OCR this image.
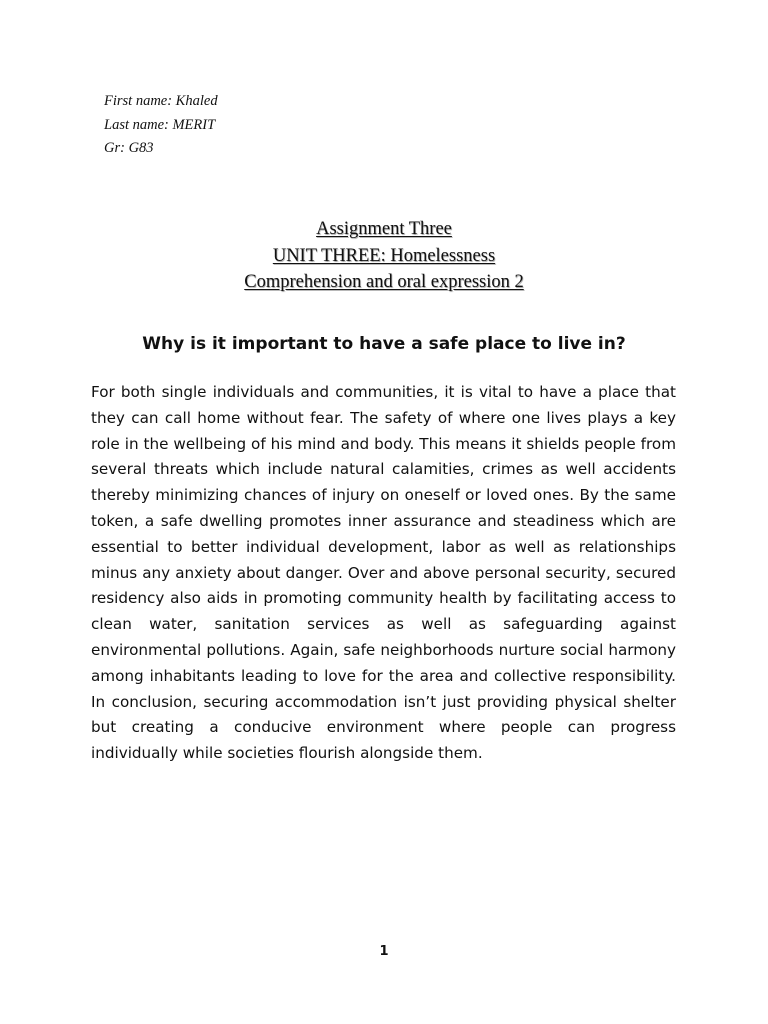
First name: Khaled
Last name: MERIT
Gr: G83
Assignment Three
UNIT THREE: Homelessness
Comprehension and oral expression 2
Why is it important to have a safe place to live in?

For both single individuals and communities, it is vital to have a place that they can call home without fear. The safety of where one lives plays a key role in the wellbeing of his mind and body. This means it shields people from several threats which include natural calamities, crimes as well accidents thereby minimizing chances of injury on oneself or loved ones. By the same token, a safe dwelling promotes inner assurance and steadiness which are essential to better individual development, labor as well as relationships minus any anxiety about danger. Over and above personal security, secured residency also aids in promoting community health by facilitating access to clean water, sanitation services as well as safeguarding against environmental pollutions. Again, safe neighborhoods nurture social harmony among inhabitants leading to love for the area and collective responsibility. In conclusion, securing accommodation isn’t just providing physical shelter but creating a conducive environment where people can progress individually while societies flourish alongside them.

1
